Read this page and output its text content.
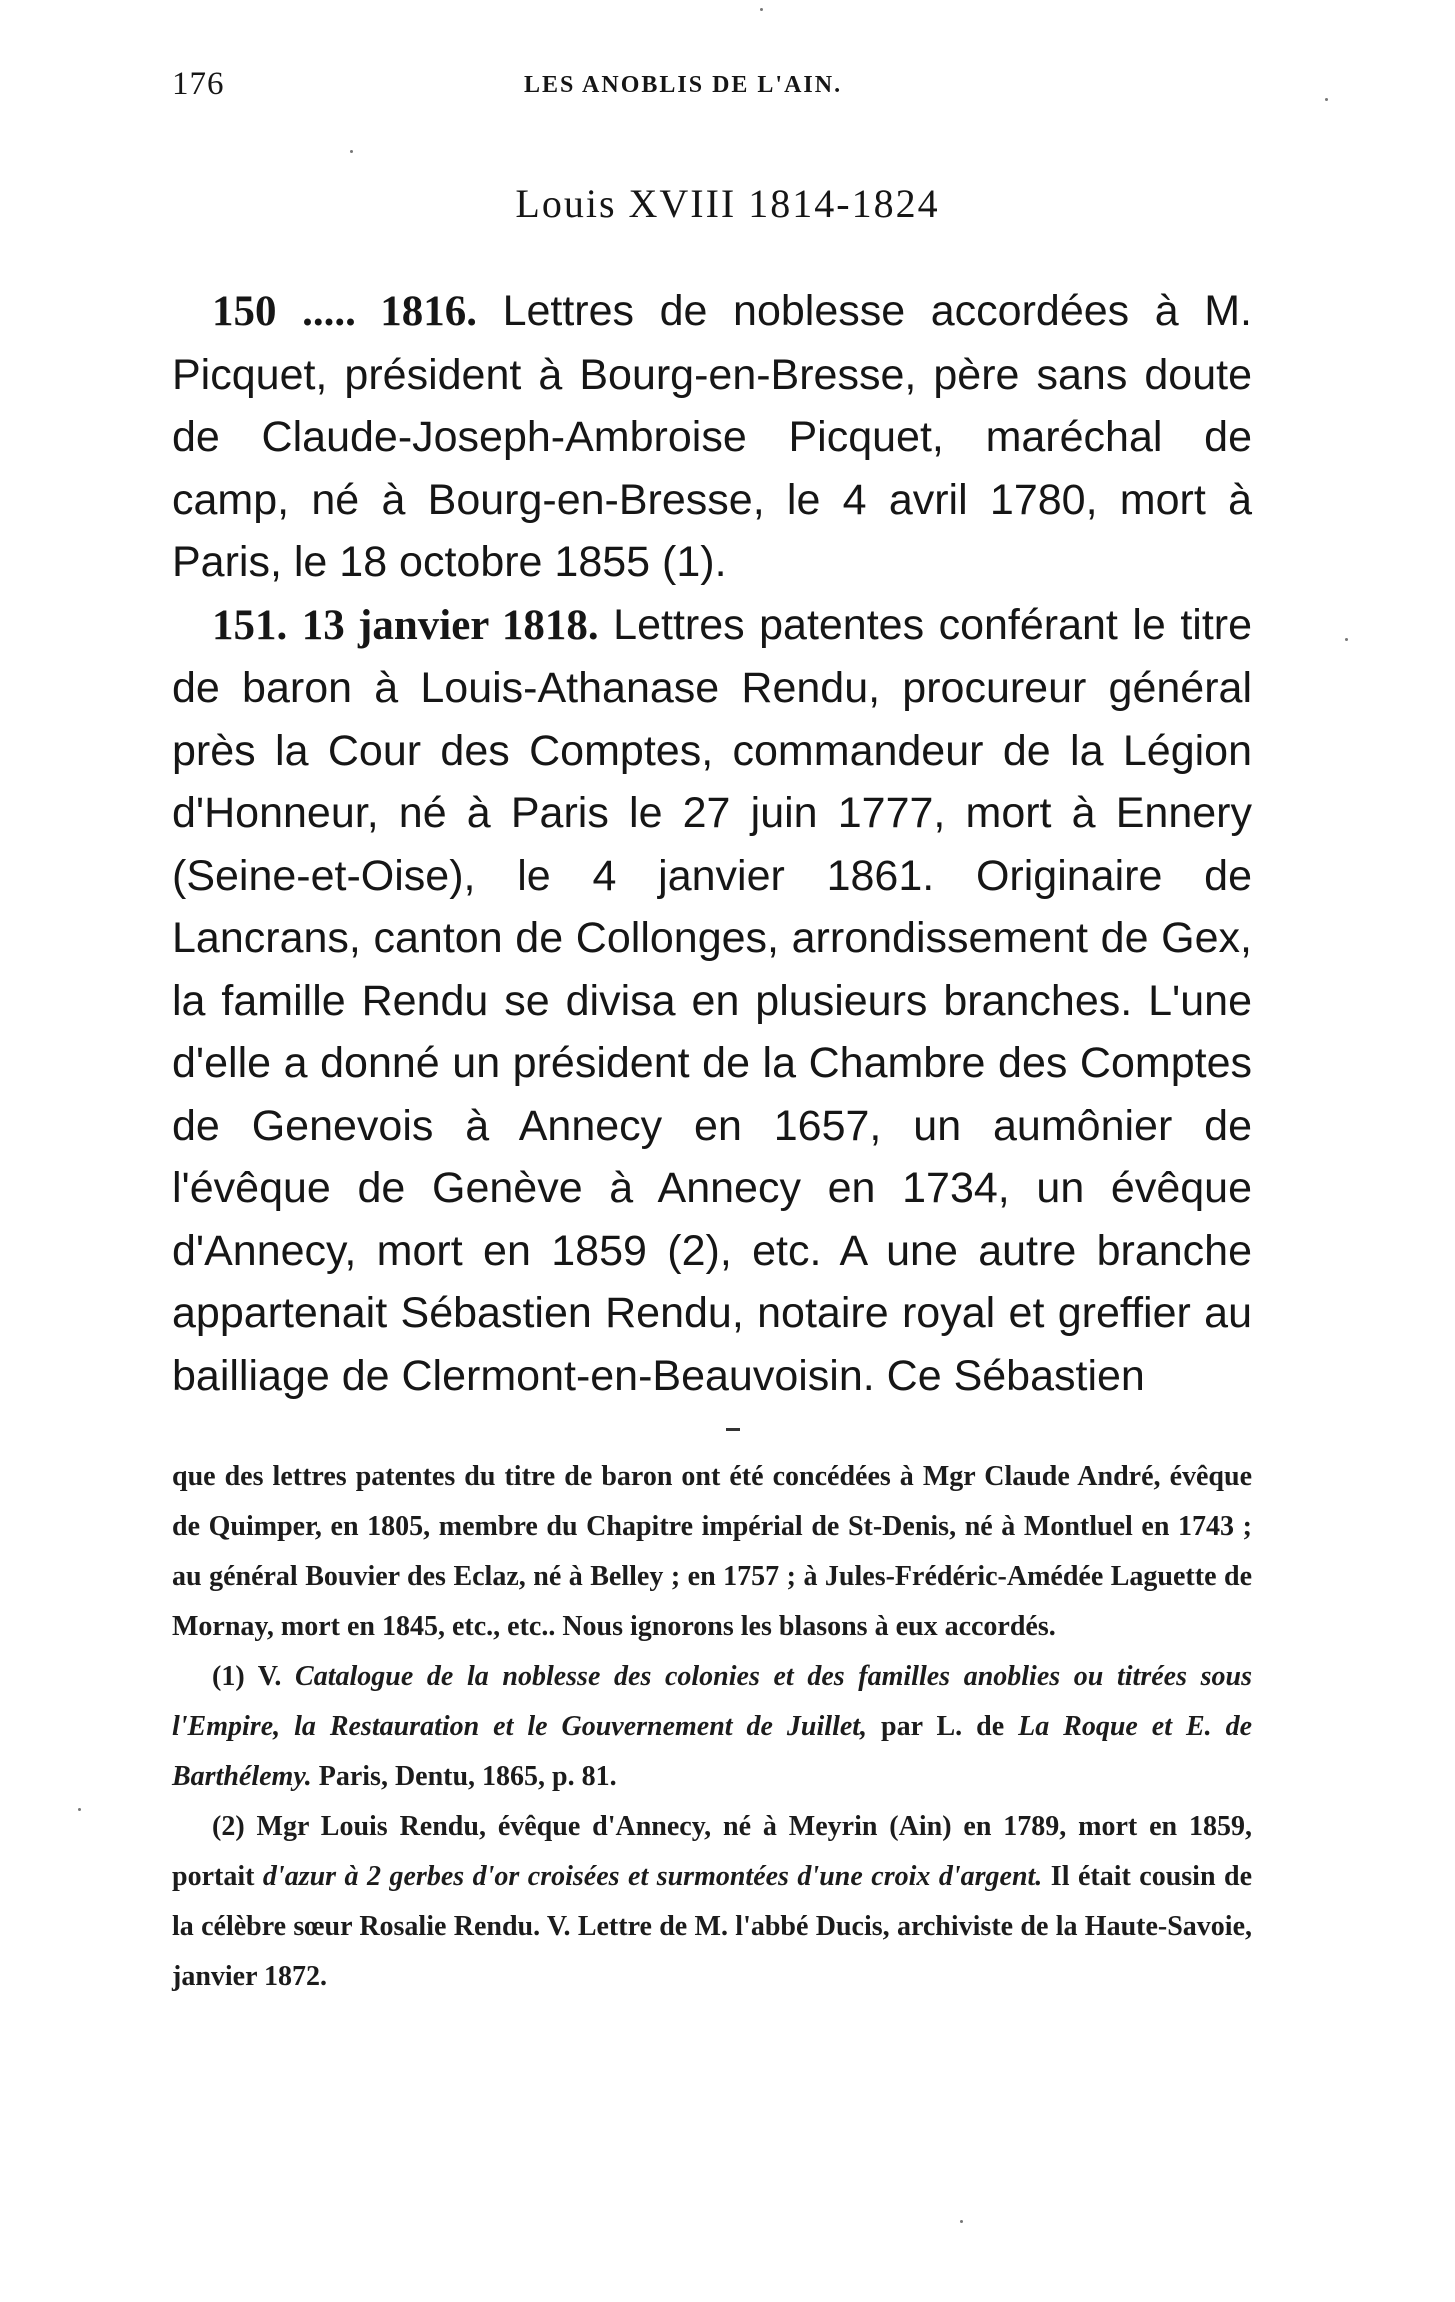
176	LES ANOBLIS DE L'AIN.
Louis XVIII 1814-1824

150 ..... 1816. Lettres de noblesse accordées à M. Picquet, président à Bourg-en-Bresse, père sans doute de Claude-Joseph-Ambroise Picquet, maréchal de camp, né à Bourg-en-Bresse, le 4 avril 1780, mort à Paris, le 18 octobre 1855 (1).

151. 13 janvier 1818. Lettres patentes conférant le titre de baron à Louis-Athanase Rendu, procureur général près la Cour des Comptes, commandeur de la Légion d'Honneur, né à Paris le 27 juin 1777, mort à Ennery (Seine-et-Oise), le 4 janvier 1861. Originaire de Lancrans, canton de Collonges, arrondissement de Gex, la famille Rendu se divisa en plusieurs branches. L'une d'elle a donné un président de la Chambre des Comptes de Genevois à Annecy en 1657, un aumônier de l'évêque de Genève à Annecy en 1734, un évêque d'Annecy, mort en 1859 (2), etc. A une autre branche appartenait Sébastien Rendu, notaire royal et greffier au bailliage de Clermont-en-Beauvoisin. Ce Sébastien

que des lettres patentes du titre de baron ont été concédées à Mgr Claude André, évêque de Quimper, en 1805, membre du Chapitre impérial de St-Denis, né à Montluel en 1743 ; au général Bouvier des Eclaz, né à Belley ; en 1757 ; à Jules-Frédéric-Amédée Laguette de Mornay, mort en 1845, etc., etc.. Nous ignorons les blasons à eux accordés.

(1) V. Catalogue de la noblesse des colonies et des familles anoblies ou titrées sous l'Empire, la Restauration et le Gouvernement de Juillet, par L. de La Roque et E. de Barthélemy. Paris, Dentu, 1865, p. 81.

(2) Mgr Louis Rendu, évêque d'Annecy, né à Meyrin (Ain) en 1789, mort en 1859, portait d'azur à 2 gerbes d'or croisées et surmontées d'une croix d'argent. Il était cousin de la célèbre sœur Rosalie Rendu. V. Lettre de M. l'abbé Ducis, archiviste de la Haute-Savoie, janvier 1872.
